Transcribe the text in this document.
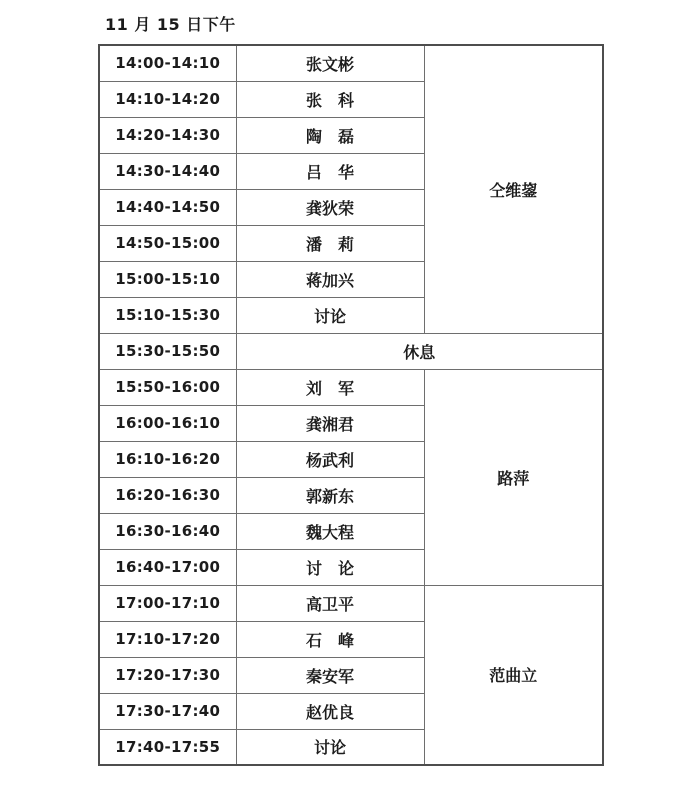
11 月 15 日下午
14:00-14:10	张文彬	仝维鋆
14:10-14:20	张　科	
14:20-14:30	陶　磊	
14:30-14:40	吕　华	
14:40-14:50	龚狄荣	
14:50-15:00	潘　莉	
15:00-15:10	蒋加兴	
15:10-15:30	讨论	
15:30-15:50	休息	
15:50-16:00	刘　军	路萍
16:00-16:10	龚湘君	
16:10-16:20	杨武利	
16:20-16:30	郭新东	
16:30-16:40	魏大程	
16:40-17:00	讨　论	
17:00-17:10	高卫平	范曲立
17:10-17:20	石　峰	
17:20-17:30	秦安军	
17:30-17:40	赵优良	
17:40-17:55	讨论	
